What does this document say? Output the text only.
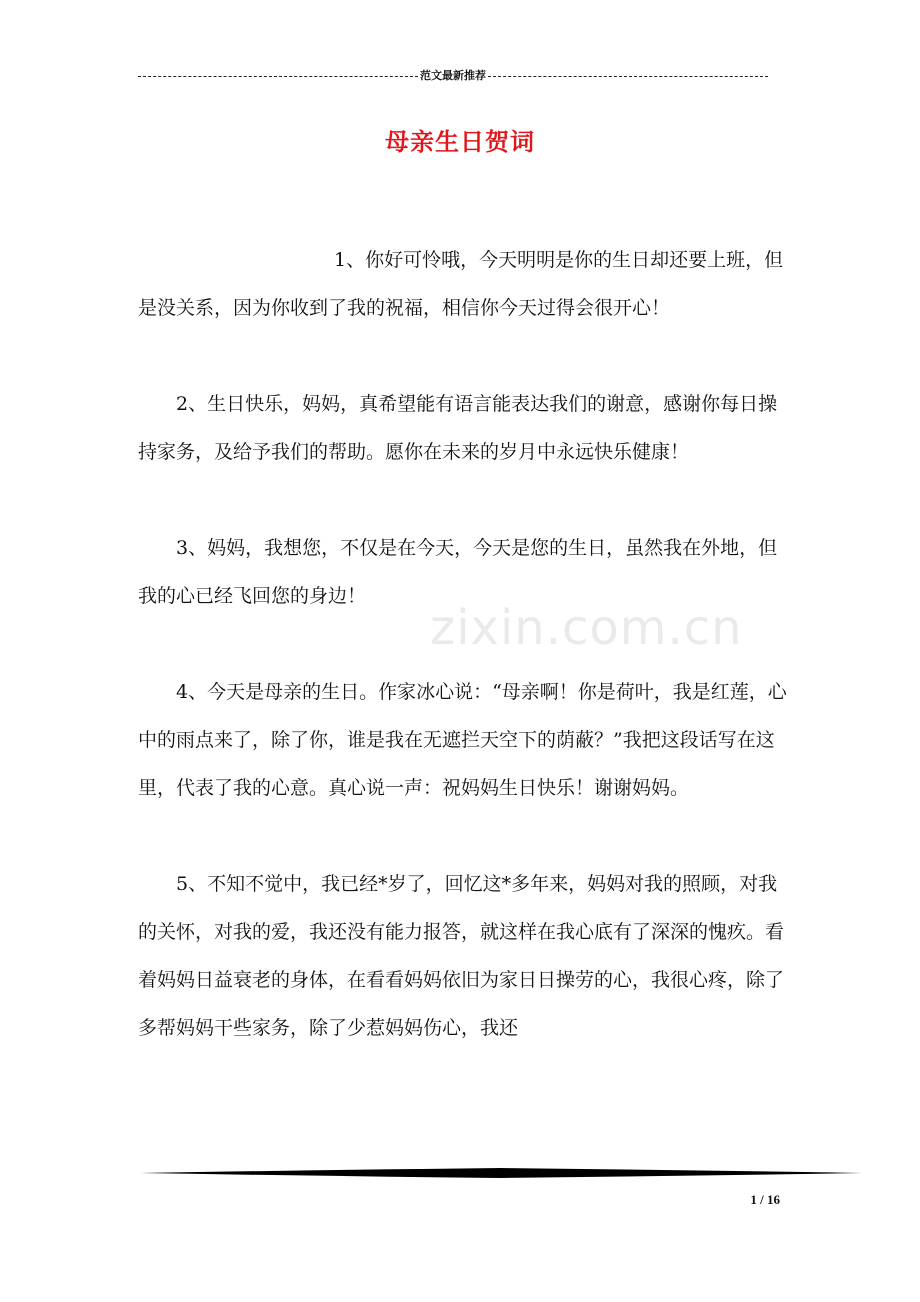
范文最新推荐
母亲生日贺词

1、你好可怜哦，今天明明是你的生日却还要上班，但是没关系，因为你收到了我的祝福，相信你今天过得会很开心！

2、生日快乐，妈妈，真希望能有语言能表达我们的谢意，感谢你每日操持家务，及给予我们的帮助。愿你在未来的岁月中永远快乐健康！

3、妈妈，我想您，不仅是在今天，今天是您的生日，虽然我在外地，但我的心已经飞回您的身边！

4、今天是母亲的生日。作家冰心说：“母亲啊！你是荷叶，我是红莲，心中的雨点来了，除了你，谁是我在无遮拦天空下的荫蔽？”我把这段话写在这里，代表了我的心意。真心说一声：祝妈妈生日快乐！谢谢妈妈。

5、不知不觉中，我已经*岁了，回忆这*多年来，妈妈对我的照顾，对我的关怀，对我的爱，我还没有能力报答，就这样在我心底有了深深的愧疚。看着妈妈日益衰老的身体，在看看妈妈依旧为家日日操劳的心，我很心疼，除了多帮妈妈干些家务，除了少惹妈妈伤心，我还

zixin.com.cn
1 / 16
